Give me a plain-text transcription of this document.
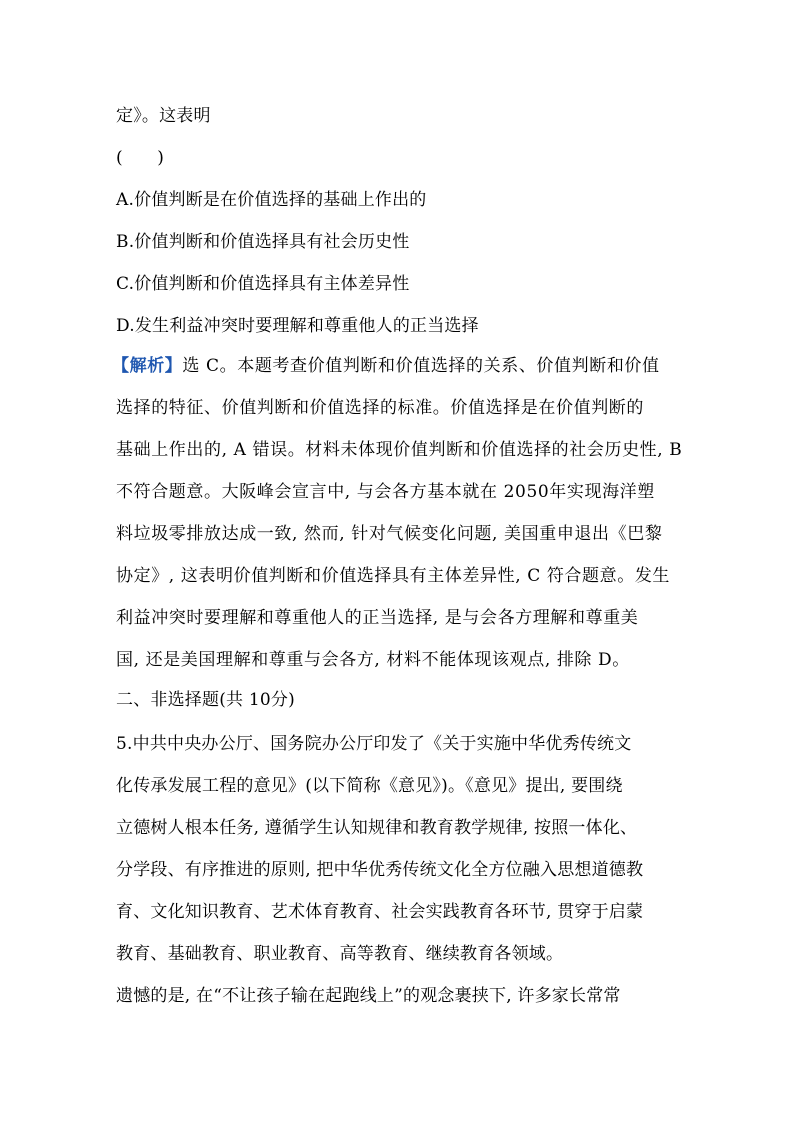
定》。这表明
(　　)
A.价值判断是在价值选择的基础上作出的
B.价值判断和价值选择具有社会历史性
C.价值判断和价值选择具有主体差异性
D.发生利益冲突时要理解和尊重他人的正当选择
【解析】选 C。本题考查价值判断和价值选择的关系、价值判断和价值
选择的特征、价值判断和价值选择的标准。价值选择是在价值判断的
基础上作出的, A 错误。材料未体现价值判断和价值选择的社会历史性, B
不符合题意。大阪峰会宣言中, 与会各方基本就在 2050年实现海洋塑
料垃圾零排放达成一致, 然而, 针对气候变化问题, 美国重申退出《巴黎
协定》, 这表明价值判断和价值选择具有主体差异性, C 符合题意。发生
利益冲突时要理解和尊重他人的正当选择, 是与会各方理解和尊重美
国, 还是美国理解和尊重与会各方, 材料不能体现该观点, 排除 D。
二、非选择题(共 10分)
5.中共中央办公厅、国务院办公厅印发了《关于实施中华优秀传统文
化传承发展工程的意见》(以下简称《意见》)。《意见》提出, 要围绕
立德树人根本任务, 遵循学生认知规律和教育教学规律, 按照一体化、
分学段、有序推进的原则, 把中华优秀传统文化全方位融入思想道德教
育、文化知识教育、艺术体育教育、社会实践教育各环节, 贯穿于启蒙
教育、基础教育、职业教育、高等教育、继续教育各领域。
遗憾的是, 在“不让孩子输在起跑线上”的观念裹挟下, 许多家长常常
